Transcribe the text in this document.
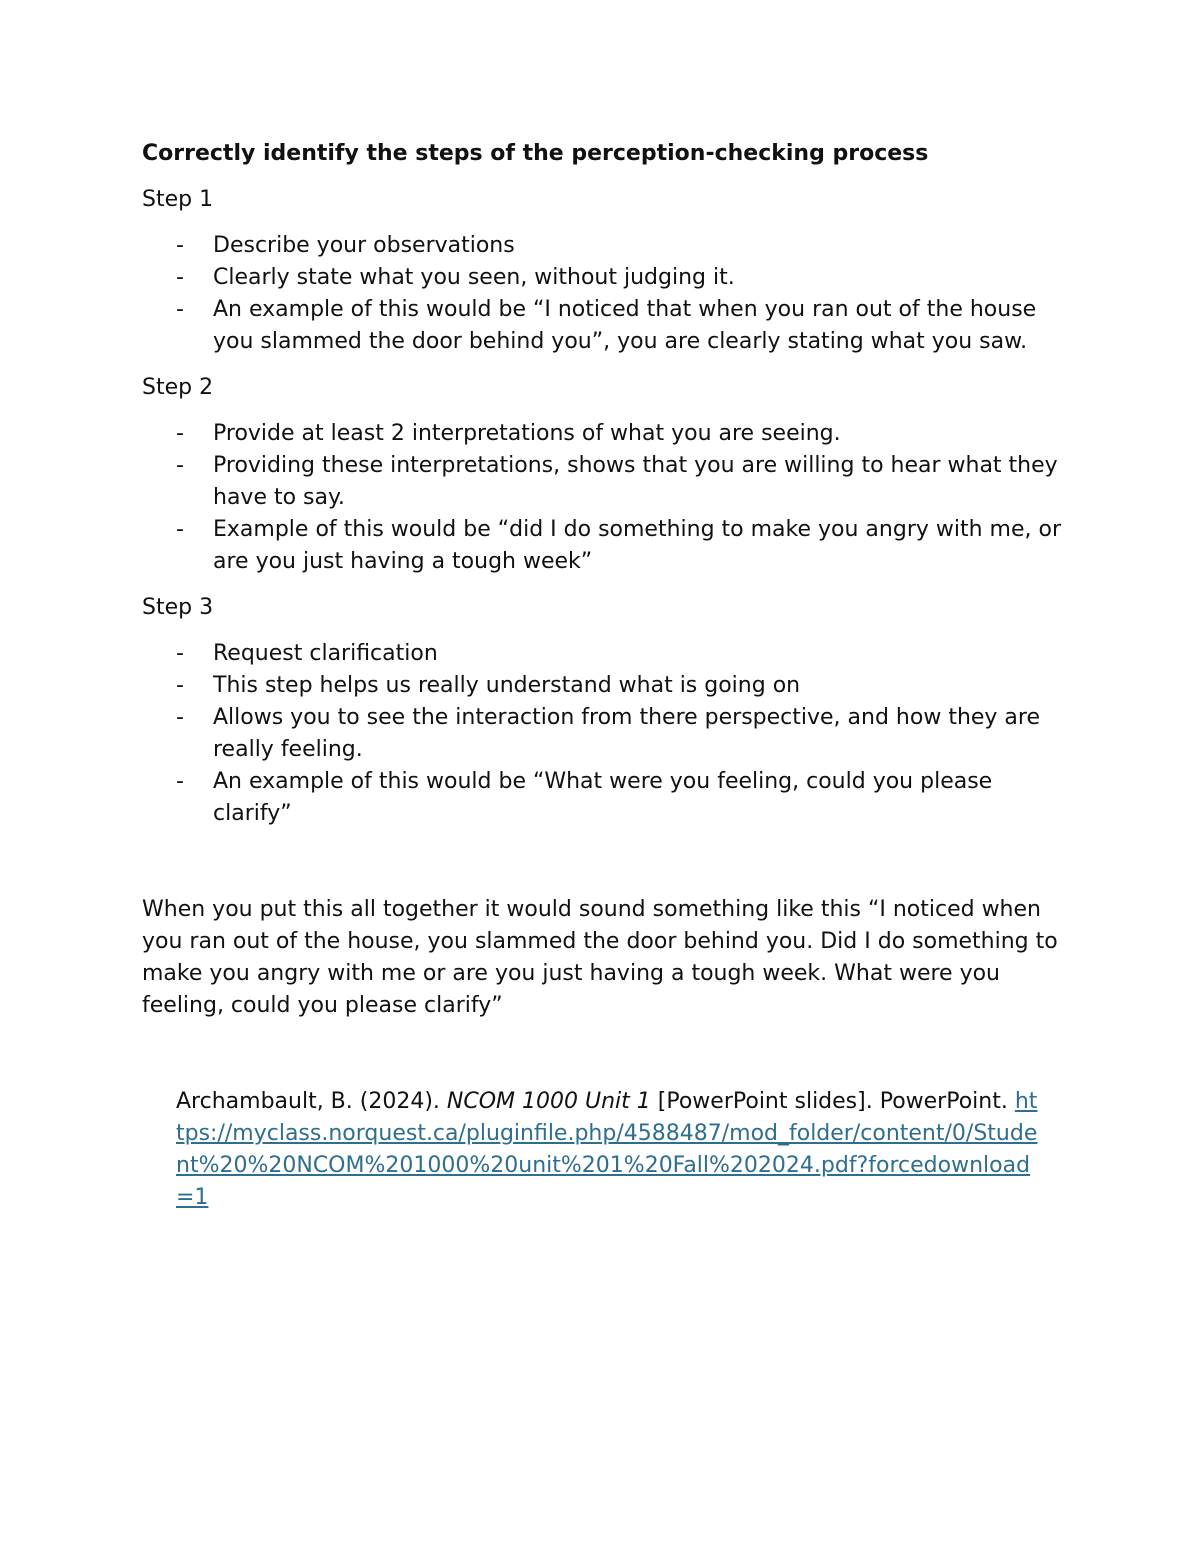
Correctly identify the steps of the perception-checking process
Step 1
- Describe your observations
- Clearly state what you seen, without judging it.
- An example of this would be “I noticed that when you ran out of the house you slammed the door behind you”, you are clearly stating what you saw.
Step 2
- Provide at least 2 interpretations of what you are seeing.
- Providing these interpretations, shows that you are willing to hear what they have to say.
- Example of this would be “did I do something to make you angry with me, or are you just having a tough week”
Step 3
- Request clarification
- This step helps us really understand what is going on
- Allows you to see the interaction from there perspective, and how they are really feeling.
- An example of this would be “What were you feeling, could you please clarify”

When you put this all together it would sound something like this “I noticed when you ran out of the house, you slammed the door behind you. Did I do something to make you angry with me or are you just having a tough week. What were you feeling, could you please clarify”

Archambault, B. (2024). NCOM 1000 Unit 1 [PowerPoint slides]. PowerPoint. https://myclass.norquest.ca/pluginfile.php/4588487/mod_folder/content/0/Student%20%20NCOM%201000%20unit%201%20Fall%202024.pdf?forcedownload=1
